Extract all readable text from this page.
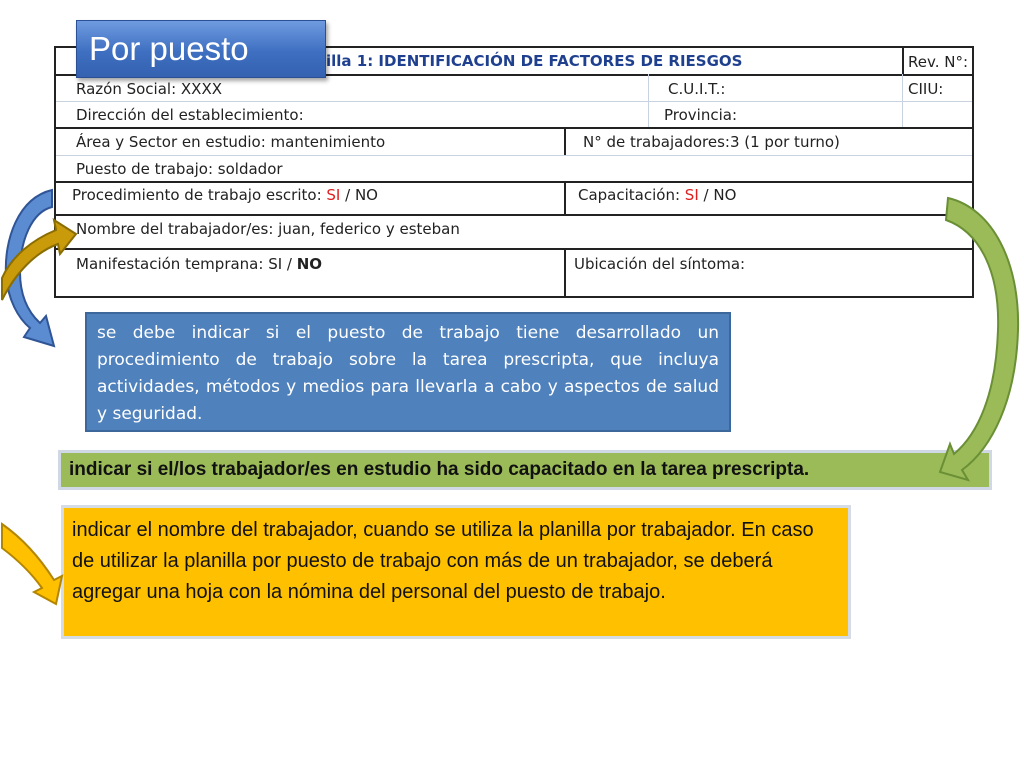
illa 1: IDENTIFICACIÓN DE FACTORES DE RIESGOS	Rev. N°:
Razón Social: XXXX	C.U.I.T.:	CIIU:
Dirección del establecimiento:	Provincia:
Área y Sector en estudio: mantenimiento	N° de trabajadores:3 (1 por turno)
Puesto de trabajo: soldador
Procedimiento de trabajo escrito: SI / NO	Capacitación: SI / NO
Nombre del trabajador/es: juan, federico y esteban
Manifestación temprana: SI / NO	Ubicación del síntoma:
Por puesto
se debe indicar si el puesto de trabajo tiene desarrollado un procedimiento de trabajo sobre la tarea prescripta, que incluya actividades, métodos y medios para llevarla a cabo y aspectos de salud y seguridad.
indicar si el/los trabajador/es en estudio ha sido capacitado en la tarea prescripta.
indicar el nombre del trabajador, cuando se utiliza la planilla por trabajador. En caso de utilizar la planilla por puesto de trabajo con más de un trabajador, se deberá agregar una hoja con la nómina del personal del puesto de trabajo.
